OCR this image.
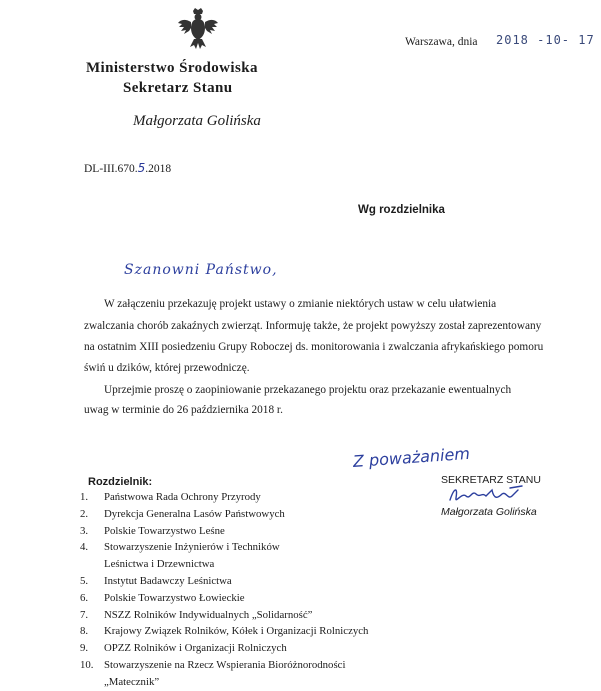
Warszawa, dnia 2018 -10- 17
Ministerstwo Środowiska
Sekretarz Stanu
Małgorzata Golińska
DL-III.670.5.2018
Wg rozdzielnika
Szanowni Państwo,
W załączeniu przekazuję projekt ustawy o zmianie niektórych ustaw w celu ułatwienia
zwalczania chorób zakaźnych zwierząt. Informuję także, że projekt powyższy został zaprezentowany
na ostatnim XIII posiedzeniu Grupy Roboczej ds. monitorowania i zwalczania afrykańskiego pomoru
świń u dzików, której przewodniczę.
Uprzejmie proszę o zaopiniowanie przekazanego projektu oraz przekazanie ewentualnych
uwag w terminie do 26 października 2018 r.
Z poważaniem
SEKRETARZ STANU
Małgorzata Golińska
Rozdzielnik:
1. Państwowa Rada Ochrony Przyrody
2. Dyrekcja Generalna Lasów Państwowych
3. Polskie Towarzystwo Leśne
4. Stowarzyszenie Inżynierów i Techników
Leśnictwa i Drzewnictwa
5. Instytut Badawczy Leśnictwa
6. Polskie Towarzystwo Łowieckie
7. NSZZ Rolników Indywidualnych „Solidarność”
8. Krajowy Związek Rolników, Kółek i Organizacji Rolniczych
9. OPZZ Rolników i Organizacji Rolniczych
10. Stowarzyszenie na Rzecz Wspierania Bioróżnorodności
„Matecznik”
